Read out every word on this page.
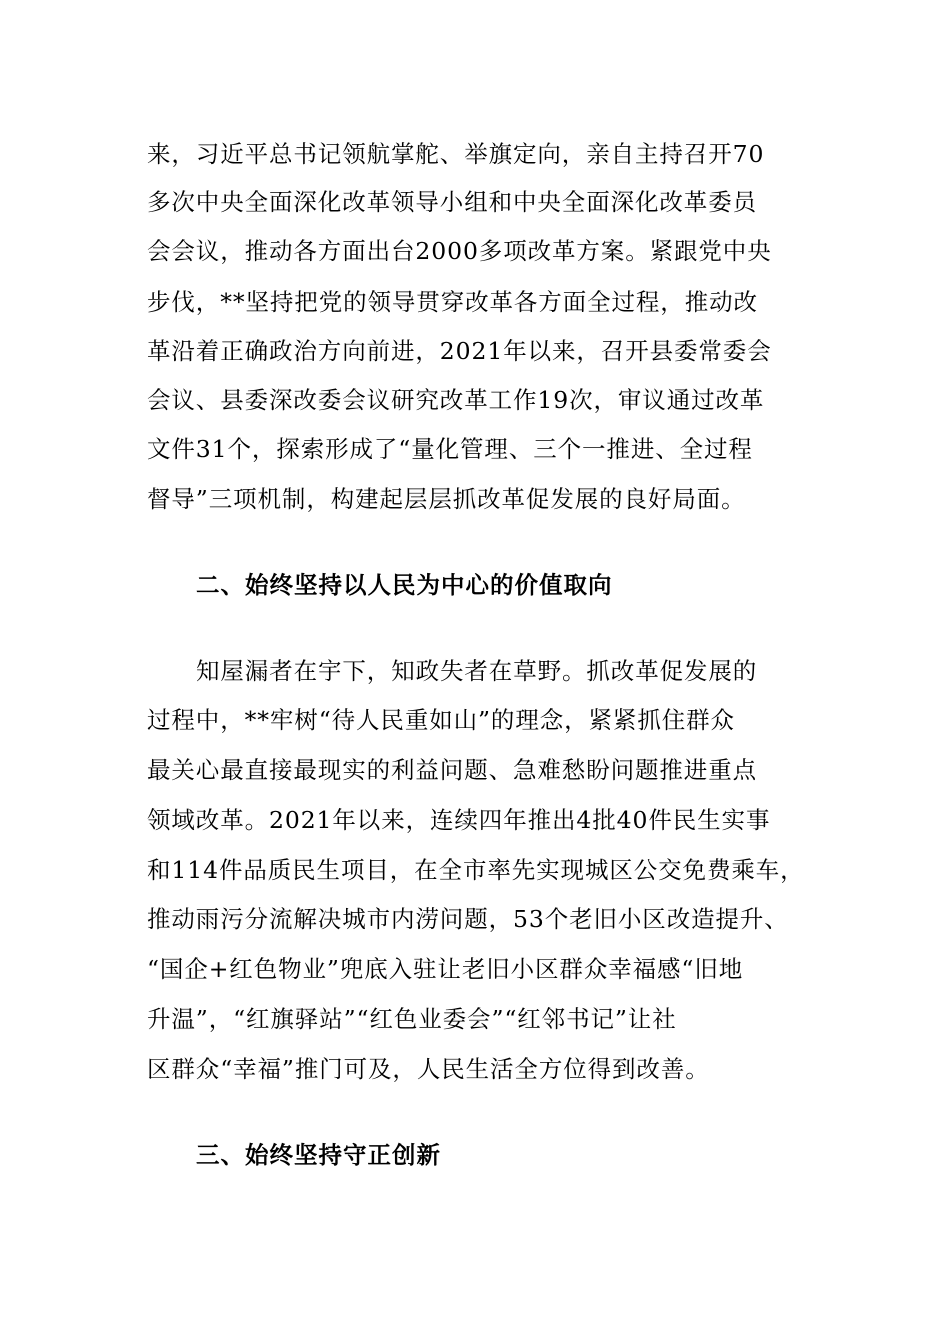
来，习近平总书记领航掌舵、举旗定向，亲自主持召开70
多次中央全面深化改革领导小组和中央全面深化改革委员
会会议，推动各方面出台2000多项改革方案。紧跟党中央
步伐，**坚持把党的领导贯穿改革各方面全过程，推动改
革沿着正确政治方向前进，2021年以来，召开县委常委会
会议、县委深改委会议研究改革工作19次，审议通过改革
文件31个，探索形成了“量化管理、三个一推进、全过程
督导”三项机制，构建起层层抓改革促发展的良好局面。
二、始终坚持以人民为中心的价值取向
知屋漏者在宇下，知政失者在草野。抓改革促发展的
过程中，**牢树“待人民重如山”的理念，紧紧抓住群众
最关心最直接最现实的利益问题、急难愁盼问题推进重点
领域改革。2021年以来，连续四年推出4批40件民生实事
和114件品质民生项目，在全市率先实现城区公交免费乘车，
推动雨污分流解决城市内涝问题，53个老旧小区改造提升、
“国企+红色物业”兜底入驻让老旧小区群众幸福感“旧地
升温”，“红旗驿站”“红色业委会”“红邻书记”让社
区群众“幸福”推门可及，人民生活全方位得到改善。
三、始终坚持守正创新
